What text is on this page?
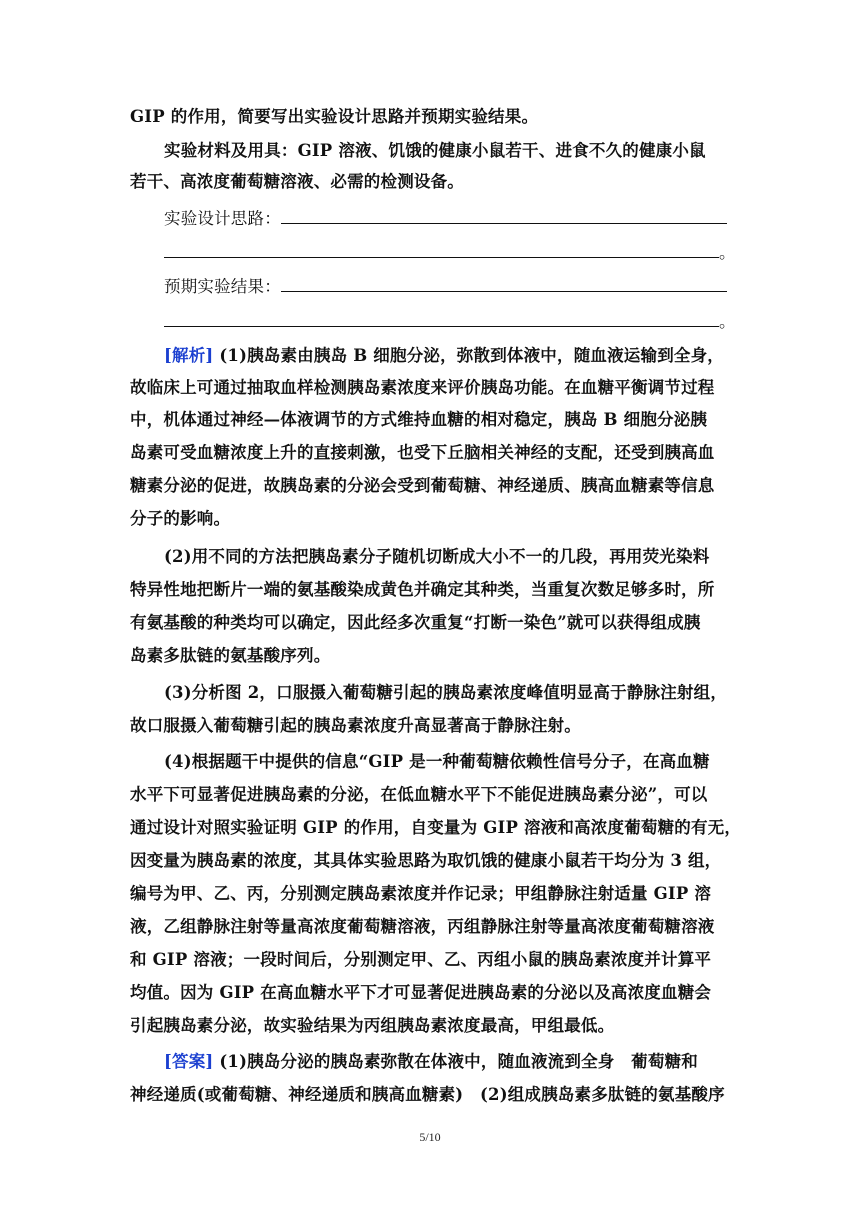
GIP 的作用，简要写出实验设计思路并预期实验结果。
实验材料及用具：GIP 溶液、饥饿的健康小鼠若干、进食不久的健康小鼠
若干、高浓度葡萄糖溶液、必需的检测设备。
实验设计思路：
。
预期实验结果：
。
[解析] (1)胰岛素由胰岛 B 细胞分泌，弥散到体液中，随血液运输到全身，
故临床上可通过抽取血样检测胰岛素浓度来评价胰岛功能。在血糖平衡调节过程
中，机体通过神经—体液调节的方式维持血糖的相对稳定，胰岛 B 细胞分泌胰
岛素可受血糖浓度上升的直接刺激，也受下丘脑相关神经的支配，还受到胰高血
糖素分泌的促进，故胰岛素的分泌会受到葡萄糖、神经递质、胰高血糖素等信息
分子的影响。
(2)用不同的方法把胰岛素分子随机切断成大小不一的几段，再用荧光染料
特异性地把断片一端的氨基酸染成黄色并确定其种类，当重复次数足够多时，所
有氨基酸的种类均可以确定，因此经多次重复“打断一染色”就可以获得组成胰
岛素多肽链的氨基酸序列。
(3)分析图 2，口服摄入葡萄糖引起的胰岛素浓度峰值明显高于静脉注射组，
故口服摄入葡萄糖引起的胰岛素浓度升高显著高于静脉注射。
(4)根据题干中提供的信息“GIP 是一种葡萄糖依赖性信号分子，在高血糖
水平下可显著促进胰岛素的分泌，在低血糖水平下不能促进胰岛素分泌”，可以
通过设计对照实验证明 GIP 的作用，自变量为 GIP 溶液和高浓度葡萄糖的有无，
因变量为胰岛素的浓度，其具体实验思路为取饥饿的健康小鼠若干均分为 3 组，
编号为甲、乙、丙，分别测定胰岛素浓度并作记录；甲组静脉注射适量 GIP 溶
液，乙组静脉注射等量高浓度葡萄糖溶液，丙组静脉注射等量高浓度葡萄糖溶液
和 GIP 溶液；一段时间后，分别测定甲、乙、丙组小鼠的胰岛素浓度并计算平
均值。因为 GIP 在高血糖水平下才可显著促进胰岛素的分泌以及高浓度血糖会
引起胰岛素分泌，故实验结果为丙组胰岛素浓度最高，甲组最低。
[答案] (1)胰岛分泌的胰岛素弥散在体液中，随血液流到全身　葡萄糖和
神经递质(或葡萄糖、神经递质和胰高血糖素)　(2)组成胰岛素多肽链的氨基酸序
5/10
